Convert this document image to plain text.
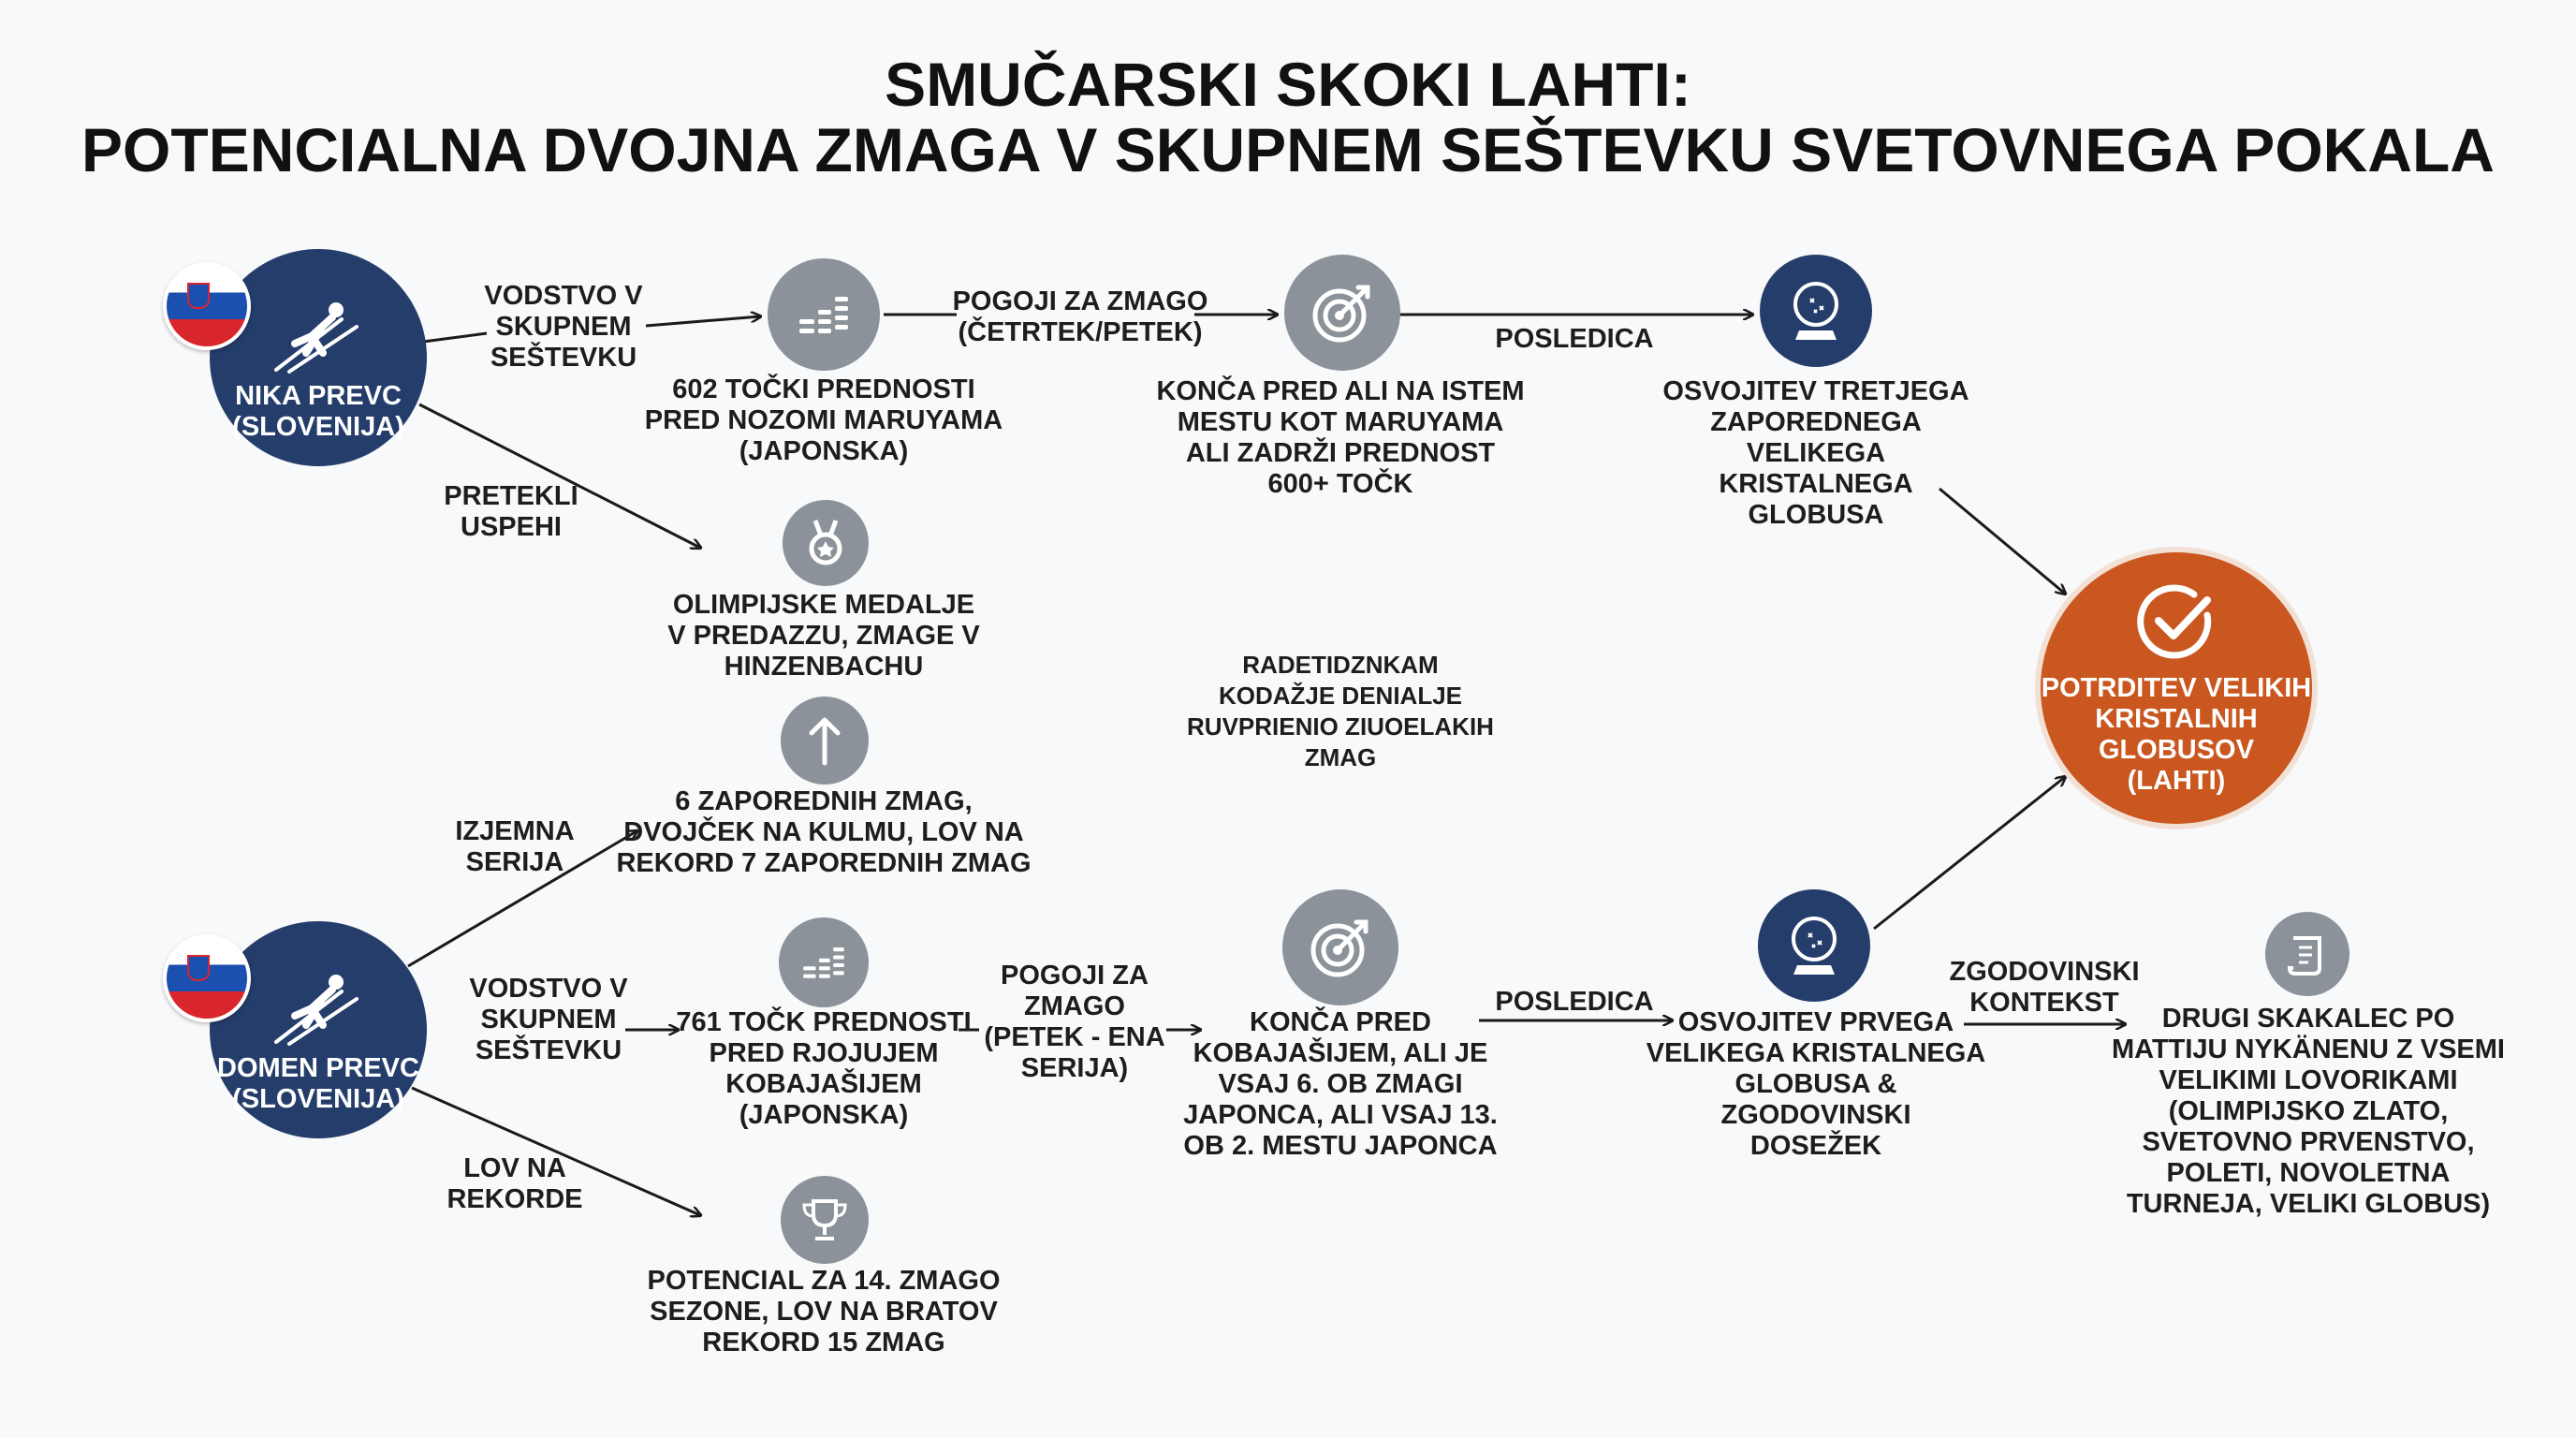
SMUČARSKI SKOKI LAHTI:
POTENCIALNA DVOJNA ZMAGA V SKUPNEM SEŠTEVKU SVETOVNEGA POKALA
NIKA PREVC
(SLOVENIJA)
VODSTVO V
SKUPNEM
SEŠTEVKU
PRETEKLI
USPEHI
602 TOČKI PREDNOSTI
PRED NOZOMI MARUYAMA
(JAPONSKA)
POGOJI ZA ZMAGO
(ČETRTEK/PETEK)
KONČA PRED ALI NA ISTEM
MESTU KOT MARUYAMA
ALI ZADRŽI PREDNOST
600+ TOČK
POSLEDICA
OSVOJITEV TRETJEGA
ZAPOREDNEGA
VELIKEGA KRISTALNEGA
GLOBUSA
OLIMPIJSKE MEDALJE
V PREDAZZU, ZMAGE V
HINZENBACHU	RADETIDZNKAM
KODAŽJE DENIALJE
RUVPRIENIO ZIUOELAKIH
ZMAG
POTRDITEV VELIKIH
KRISTALNIH
GLOBUSOV
(LAHTI)
6 ZAPOREDNIH ZMAG,
DVOJČEK NA KULMU, LOV NA
REKORD 7 ZAPOREDNIH ZMAG
IZJEMNA
SERIJA
DOMEN PREVC
(SLOVENIJA)
VODSTVO V
SKUPNEM
SEŠTEVKU
LOV NA
REKORDE
761 TOČK PREDNOSTI
PRED RJOJUJEM
KOBAJAŠIJEM
(JAPONSKA)
POGOJI ZA
ZMAGO
(PETEK - ENA
SERIJA)
KONČA PRED
KOBAJAŠIJEM, ALI JE
VSAJ 6. OB ZMAGI
JAPONCA, ALI VSAJ 13.
OB 2. MESTU JAPONCA
POSLEDICA
OSVOJITEV PRVEGA
VELIKEGA KRISTALNEGA
GLOBUSA & ZGODOVINSKI
DOSEŽEK
ZGODOVINSKI
KONTEKST
DRUGI SKAKALEC PO
MATTIJU NYKÄNENU Z VSEMI
VELIKIMI LOVORIKAMI
(OLIMPIJSKO ZLATO,
SVETOVNO PRVENSTVO,
POLETI, NOVOLETNA
TURNEJA, VELIKI GLOBUS)
POTENCIAL ZA 14. ZMAGO
SEZONE, LOV NA BRATOV
REKORD 15 ZMAG
